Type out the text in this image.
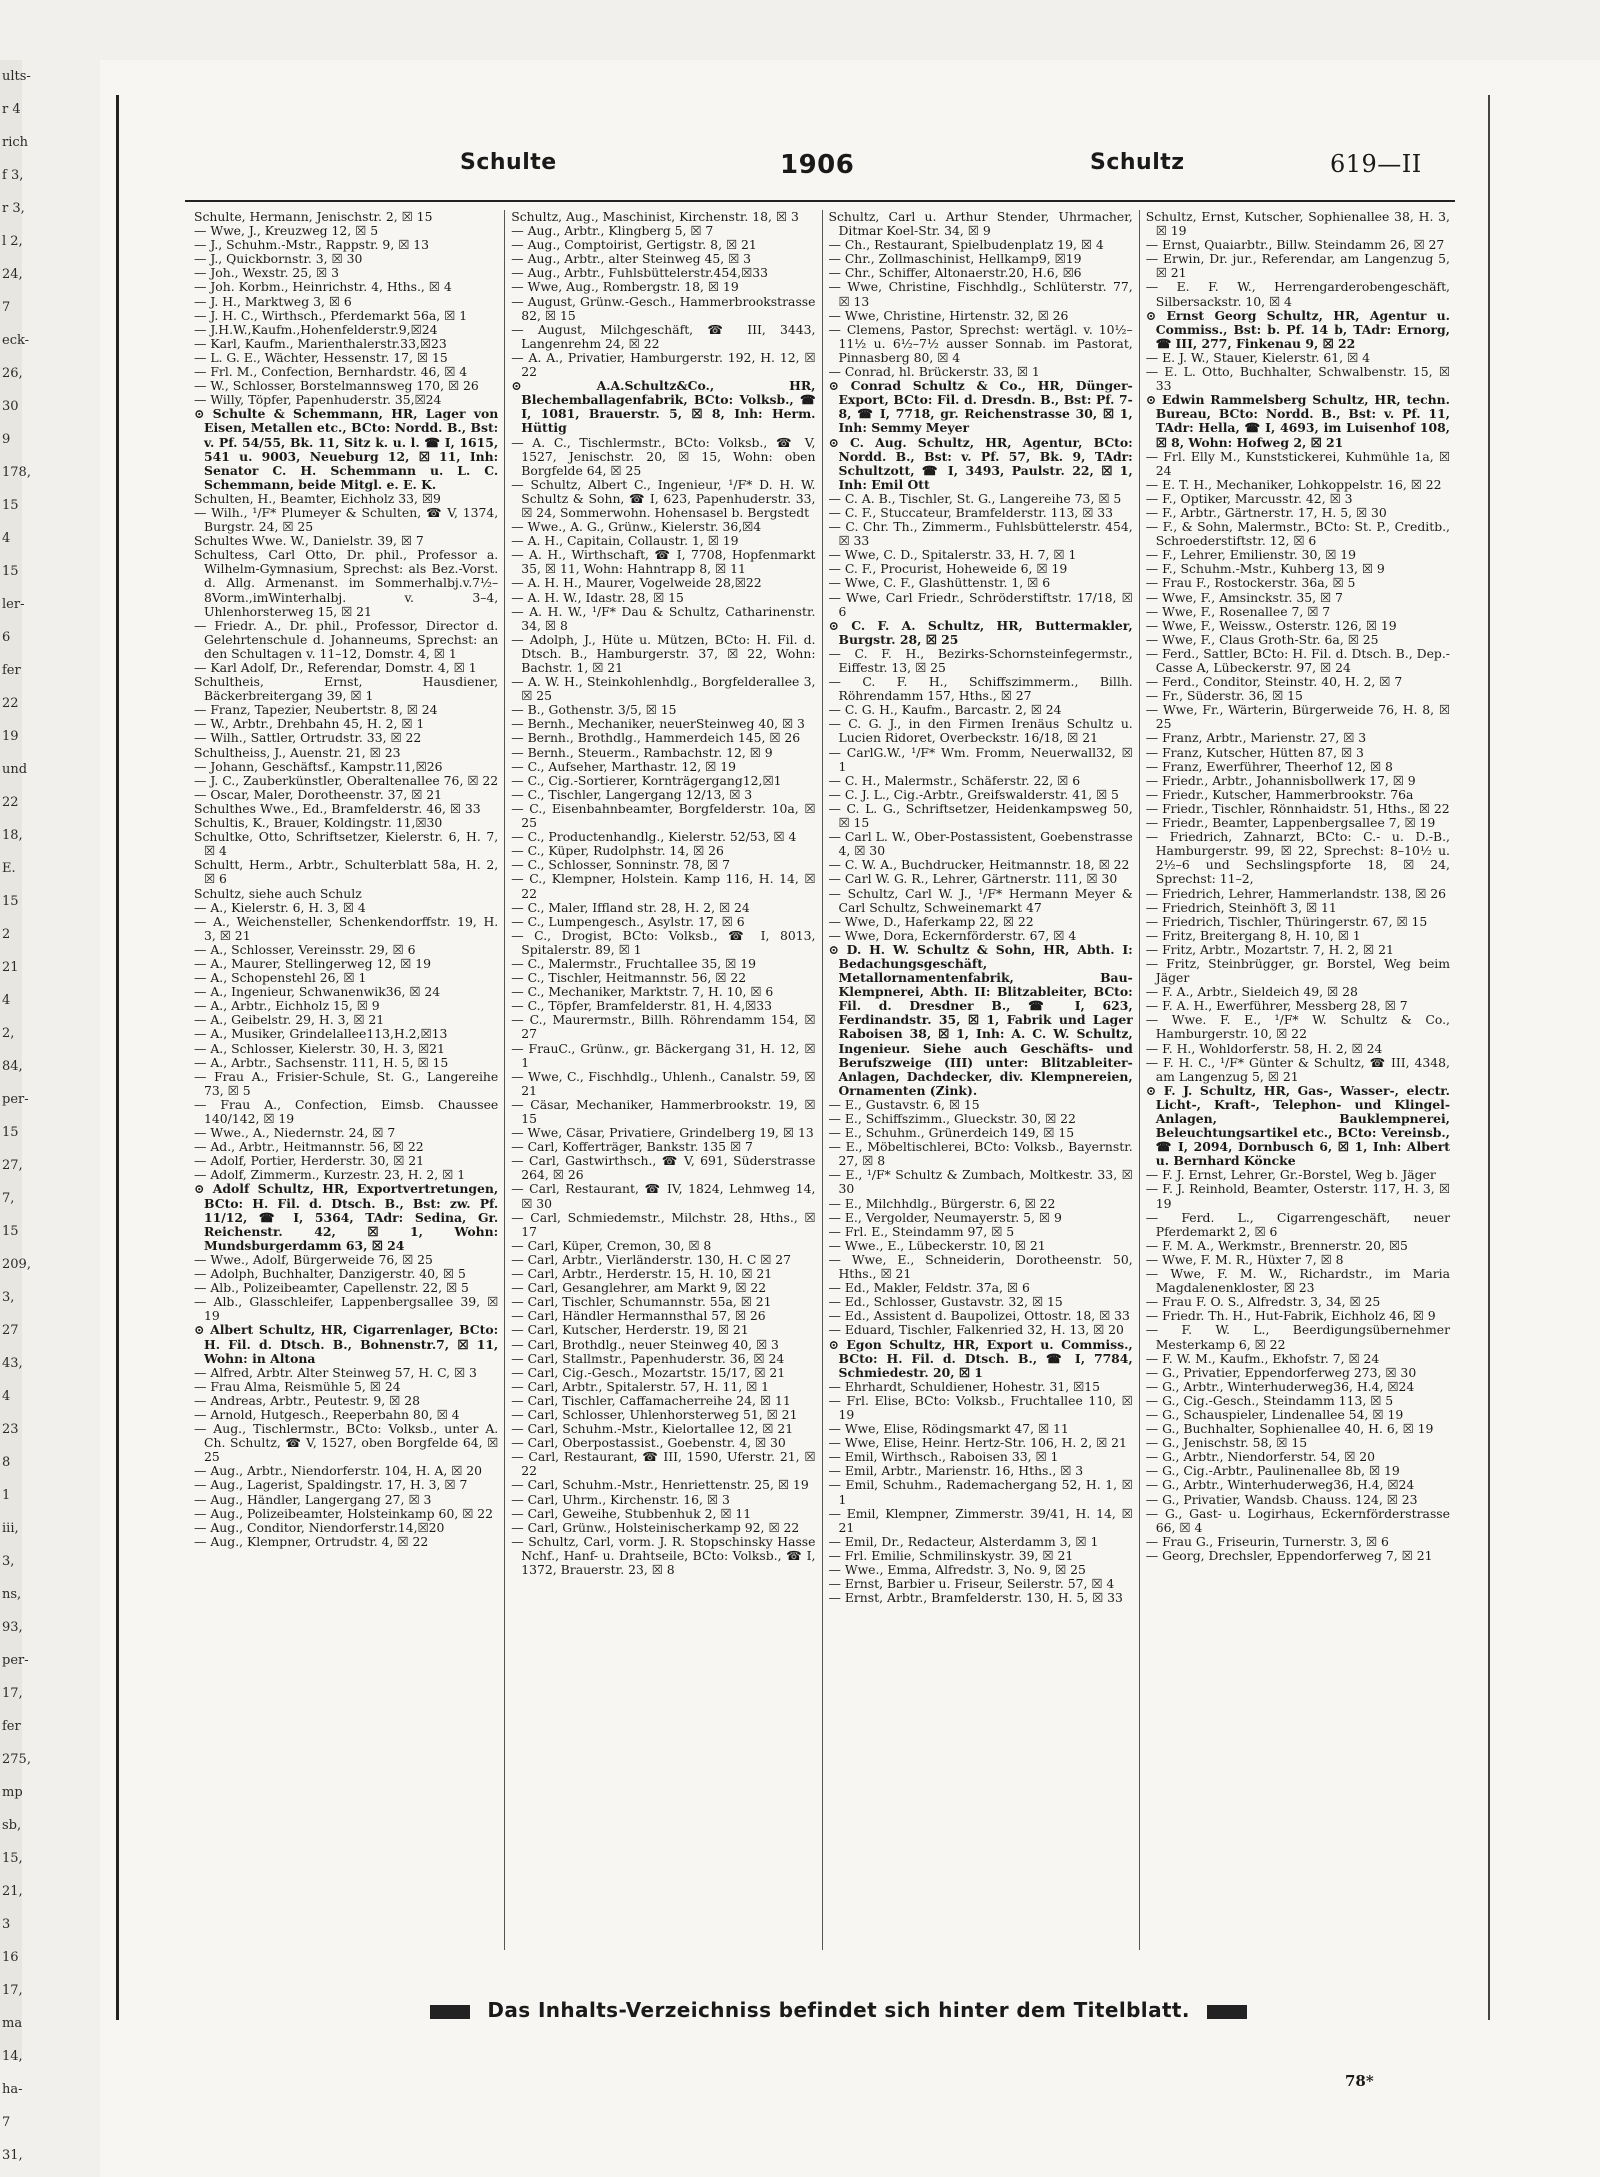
ults-
r 4
rich
f 3,
r 3,
l 2,
24,
7
eck-
26,
30
9
178,
15
4
15
ler-
6
fer
22
19
und
22
18,
E.
15
2
21
4
2,
84,
per-
15
27,
7,
15
209,
3,
27
43,
4
23
8
1
iii,
3,
ns,
93,
per-
17,
fer
275,
mp
sb,
15,
21,
3
16
17,
ma
14,
ha-
7
31,
Schulte	1906	Schultz	619—II

Schulte, Hermann, Jenischstr. 2, ☒ 15

— Wwe, J., Kreuzweg 12, ☒ 5

— J., Schuhm.-Mstr., Rappstr. 9, ☒ 13

— J., Quickbornstr. 3, ☒ 30

— Joh., Wexstr. 25, ☒ 3

— Joh. Korbm., Heinrichstr. 4, Hths., ☒ 4

— J. H., Marktweg 3, ☒ 6

— J. H. C., Wirthsch., Pferdemarkt 56a, ☒ 1

— J.H.W.,Kaufm.,Hohenfelderstr.9,☒24

— Karl, Kaufm., Marienthalerstr.33,☒23

— L. G. E., Wächter, Hessenstr. 17, ☒ 15

— Frl. M., Confection, Bernhardstr. 46, ☒ 4

— W., Schlosser, Borstelmannsweg 170, ☒ 26

— Willy, Töpfer, Papenhuderstr. 35,☒24

⊙ Schulte & Schemmann, HR, Lager von Eisen, Metallen etc., BCto: Nordd. B., Bst: v. Pf. 54/55, Bk. 11, Sitz k. u. l. ☎ I, 1615, 541 u. 9003, Neueburg 12, ☒ 11, Inh: Senator C. H. Schemmann u. L. C. Schemmann, beide Mitgl. e. E. K.

Schulten, H., Beamter, Eichholz 33, ☒9

— Wilh., ¹/F* Plumeyer & Schulten, ☎ V, 1374, Burgstr. 24, ☒ 25

Schultes Wwe. W., Danielstr. 39, ☒ 7

Schultess, Carl Otto, Dr. phil., Professor a. Wilhelm-Gymnasium, Sprechst: als Bez.-Vorst. d. Allg. Armenanst. im Sommerhalbj.v.7½–8Vorm.,imWinterhalbj. v. 3–4, Uhlenhorsterweg 15, ☒ 21

— Friedr. A., Dr. phil., Professor, Director d. Gelehrtenschule d. Johanneums, Sprechst: an den Schultagen v. 11–12, Domstr. 4, ☒ 1

— Karl Adolf, Dr., Referendar, Domstr. 4, ☒ 1

Schultheis, Ernst, Hausdiener, Bäckerbreitergang 39, ☒ 1

— Franz, Tapezier, Neubertstr. 8, ☒ 24

— W., Arbtr., Drehbahn 45, H. 2, ☒ 1

— Wilh., Sattler, Ortrudstr. 33, ☒ 22

Schultheiss, J., Auenstr. 21, ☒ 23

— Johann, Geschäftsf., Kampstr.11,☒26

— J. C., Zauberkünstler, Oberaltenallee 76, ☒ 22

— Oscar, Maler, Dorotheenstr. 37, ☒ 21

Schulthes Wwe., Ed., Bramfelderstr. 46, ☒ 33

Schultis, K., Brauer, Koldingstr. 11,☒30

Schultke, Otto, Schriftsetzer, Kielerstr. 6, H. 7, ☒ 4

Schultt, Herm., Arbtr., Schulterblatt 58a, H. 2, ☒ 6

Schultz, siehe auch Schulz

— A., Kielerstr. 6, H. 3, ☒ 4

— A., Weichensteller, Schenkendorffstr. 19, H. 3, ☒ 21

— A., Schlosser, Vereinsstr. 29, ☒ 6

— A., Maurer, Stellingerweg 12, ☒ 19

— A., Schopenstehl 26, ☒ 1

— A., Ingenieur, Schwanenwik36, ☒ 24

— A., Arbtr., Eichholz 15, ☒ 9

— A., Geibelstr. 29, H. 3, ☒ 21

— A., Musiker, Grindelallee113,H.2,☒13

— A., Schlosser, Kielerstr. 30, H. 3, ☒21

— A., Arbtr., Sachsenstr. 111, H. 5, ☒ 15

— Frau A., Frisier-Schule, St. G., Langereihe 73, ☒ 5

— Frau A., Confection, Eimsb. Chaussee 140/142, ☒ 19

— Wwe., A., Niedernstr. 24, ☒ 7

— Ad., Arbtr., Heitmannstr. 56, ☒ 22

— Adolf, Portier, Herderstr. 30, ☒ 21

— Adolf, Zimmerm., Kurzestr. 23, H. 2, ☒ 1

⊙ Adolf Schultz, HR, Exportvertretungen, BCto: H. Fil. d. Dtsch. B., Bst: zw. Pf. 11/12, ☎ I, 5364, TAdr: Sedina, Gr. Reichenstr. 42, ☒ 1, Wohn: Mundsburgerdamm 63, ☒ 24

— Wwe., Adolf, Bürgerweide 76, ☒ 25

— Adolph, Buchhalter, Danzigerstr. 40, ☒ 5

— Alb., Polizeibeamter, Capellenstr. 22, ☒ 5

— Alb., Glasschleifer, Lappenbergsallee 39, ☒ 19

⊙ Albert Schultz, HR, Cigarrenlager, BCto: H. Fil. d. Dtsch. B., Bohnenstr.7, ☒ 11, Wohn: in Altona

— Alfred, Arbtr. Alter Steinweg 57, H. C, ☒ 3

— Frau Alma, Reismühle 5, ☒ 24

— Andreas, Arbtr., Peutestr. 9, ☒ 28

— Arnold, Hutgesch., Reeperbahn 80, ☒ 4

— Aug., Tischlermstr., BCto: Volksb., unter A. Ch. Schultz, ☎ V, 1527, oben Borgfelde 64, ☒ 25

— Aug., Arbtr., Niendorferstr. 104, H. A, ☒ 20

— Aug., Lagerist, Spaldingstr. 17, H. 3, ☒ 7

— Aug., Händler, Langergang 27, ☒ 3

— Aug., Polizeibeamter, Holsteinkamp 60, ☒ 22

— Aug., Conditor, Niendorferstr.14,☒20

— Aug., Klempner, Ortrudstr. 4, ☒ 22

Schultz, Aug., Maschinist, Kirchenstr. 18, ☒ 3

— Aug., Arbtr., Klingberg 5, ☒ 7

— Aug., Comptoirist, Gertigstr. 8, ☒ 21

— Aug., Arbtr., alter Steinweg 45, ☒ 3

— Aug., Arbtr., Fuhlsbüttelerstr.454,☒33

— Wwe, Aug., Rombergstr. 18, ☒ 19

— August, Grünw.-Gesch., Hammerbrookstrasse 82, ☒ 15

— August, Milchgeschäft, ☎ III, 3443, Langenrehm 24, ☒ 22

— A. A., Privatier, Hamburgerstr. 192, H. 12, ☒ 22

⊙ A.A.Schultz&Co., HR, Blechemballagenfabrik, BCto: Volksb., ☎ I, 1081, Brauerstr. 5, ☒ 8, Inh: Herm. Hüttig

— A. C., Tischlermstr., BCto: Volksb., ☎ V, 1527, Jenischstr. 20, ☒ 15, Wohn: oben Borgfelde 64, ☒ 25

— Schultz, Albert C., Ingenieur, ¹/F* D. H. W. Schultz & Sohn, ☎ I, 623, Papenhuderstr. 33, ☒ 24, Sommerwohn. Hohensasel b. Bergstedt

— Wwe., A. G., Grünw., Kielerstr. 36,☒4

— A. H., Capitain, Collaustr. 1, ☒ 19

— A. H., Wirthschaft, ☎ I, 7708, Hopfenmarkt 35, ☒ 11, Wohn: Hahntrapp 8, ☒ 11

— A. H. H., Maurer, Vogelweide 28,☒22

— A. H. W., Idastr. 28, ☒ 15

— A. H. W., ¹/F* Dau & Schultz, Catharinenstr. 34, ☒ 8

— Adolph, J., Hüte u. Mützen, BCto: H. Fil. d. Dtsch. B., Hamburgerstr. 37, ☒ 22, Wohn: Bachstr. 1, ☒ 21

— A. W. H., Steinkohlenhdlg., Borgfelderallee 3, ☒ 25

— B., Gothenstr. 3/5, ☒ 15

— Bernh., Mechaniker, neuerSteinweg 40, ☒ 3

— Bernh., Brothdlg., Hammerdeich 145, ☒ 26

— Bernh., Steuerm., Rambachstr. 12, ☒ 9

— C., Aufseher, Marthastr. 12, ☒ 19

— C., Cig.-Sortierer, Kornträgergang12,☒1

— C., Tischler, Langergang 12/13, ☒ 3

— C., Eisenbahnbeamter, Borgfelderstr. 10a, ☒ 25

— C., Productenhandlg., Kielerstr. 52/53, ☒ 4

— C., Küper, Rudolphstr. 14, ☒ 26

— C., Schlosser, Sonninstr. 78, ☒ 7

— C., Klempner, Holstein. Kamp 116, H. 14, ☒ 22

— C., Maler, Iffland str. 28, H. 2, ☒ 24

— C., Lumpengesch., Asylstr. 17, ☒ 6

— C., Drogist, BCto: Volksb., ☎ I, 8013, Spitalerstr. 89, ☒ 1

— C., Malermstr., Fruchtallee 35, ☒ 19

— C., Tischler, Heitmannstr. 56, ☒ 22

— C., Mechaniker, Marktstr. 7, H. 10, ☒ 6

— C., Töpfer, Bramfelderstr. 81, H. 4,☒33

— C., Maurermstr., Billh. Röhrendamm 154, ☒ 27

— FrauC., Grünw., gr. Bäckergang 31, H. 12, ☒ 1

— Wwe, C., Fischhdlg., Uhlenh., Canalstr. 59, ☒ 21

— Cäsar, Mechaniker, Hammerbrookstr. 19, ☒ 15

— Wwe, Cäsar, Privatiere, Grindelberg 19, ☒ 13

— Carl, Kofferträger, Bankstr. 135 ☒ 7

— Carl, Gastwirthsch., ☎ V, 691, Süderstrasse 264, ☒ 26

— Carl, Restaurant, ☎ IV, 1824, Lehmweg 14, ☒ 30

— Carl, Schmiedemstr., Milchstr. 28, Hths., ☒ 17

— Carl, Küper, Cremon, 30, ☒ 8

— Carl, Arbtr., Vierländerstr. 130, H. C ☒ 27

— Carl, Arbtr., Herderstr. 15, H. 10, ☒ 21

— Carl, Gesanglehrer, am Markt 9, ☒ 22

— Carl, Tischler, Schumannstr. 55a, ☒ 21

— Carl, Händler Hermannsthal 57, ☒ 26

— Carl, Kutscher, Herderstr. 19, ☒ 21

— Carl, Brothdlg., neuer Steinweg 40, ☒ 3

— Carl, Stallmstr., Papenhuderstr. 36, ☒ 24

— Carl, Cig.-Gesch., Mozartstr. 15/17, ☒ 21

— Carl, Arbtr., Spitalerstr. 57, H. 11, ☒ 1

— Carl, Tischler, Caffamacherreihe 24, ☒ 11

— Carl, Schlosser, Uhlenhorsterweg 51, ☒ 21

— Carl, Schuhm.-Mstr., Kielortallee 12, ☒ 21

— Carl, Oberpostassist., Goebenstr. 4, ☒ 30

— Carl, Restaurant, ☎ III, 1590, Uferstr. 21, ☒ 22

— Carl, Schuhm.-Mstr., Henriettenstr. 25, ☒ 19

— Carl, Uhrm., Kirchenstr. 16, ☒ 3

— Carl, Geweihe, Stubbenhuk 2, ☒ 11

— Carl, Grünw., Holsteinischerkamp 92, ☒ 22

— Schultz, Carl, vorm. J. R. Stopschinsky Hasse Nchf., Hanf- u. Drahtseile, BCto: Volksb., ☎ I, 1372, Brauerstr. 23, ☒ 8

Schultz, Carl u. Arthur Stender, Uhrmacher, Ditmar Koel-Str. 34, ☒ 9

— Ch., Restaurant, Spielbudenplatz 19, ☒ 4

— Chr., Zollmaschinist, Hellkamp9, ☒19

— Chr., Schiffer, Altonaerstr.20, H.6, ☒6

— Wwe, Christine, Fischhdlg., Schlüterstr. 77, ☒ 13

— Wwe, Christine, Hirtenstr. 32, ☒ 26

— Clemens, Pastor, Sprechst: wertägl. v. 10½–11½ u. 6½–7½ ausser Sonnab. im Pastorat, Pinnasberg 80, ☒ 4

— Conrad, hl. Brückerstr. 33, ☒ 1

⊙ Conrad Schultz & Co., HR, Dünger-Export, BCto: Fil. d. Dresdn. B., Bst: Pf. 7-8, ☎ I, 7718, gr. Reichenstrasse 30, ☒ 1, Inh: Semmy Meyer

⊙ C. Aug. Schultz, HR, Agentur, BCto: Nordd. B., Bst: v. Pf. 57, Bk. 9, TAdr: Schultzott, ☎ I, 3493, Paulstr. 22, ☒ 1, Inh: Emil Ott

— C. A. B., Tischler, St. G., Langereihe 73, ☒ 5

— C. F., Stuccateur, Bramfelderstr. 113, ☒ 33

— C. Chr. Th., Zimmerm., Fuhlsbüttelerstr. 454, ☒ 33

— Wwe, C. D., Spitalerstr. 33, H. 7, ☒ 1

— C. F., Procurist, Hoheweide 6, ☒ 19

— Wwe, C. F., Glashüttenstr. 1, ☒ 6

— Wwe, Carl Friedr., Schröderstiftstr. 17/18, ☒ 6

⊙ C. F. A. Schultz, HR, Buttermakler, Burgstr. 28, ☒ 25

— C. F. H., Bezirks-Schornsteinfegermstr., Eiffestr. 13, ☒ 25

— C. F. H., Schiffszimmerm., Billh. Röhrendamm 157, Hths., ☒ 27

— C. G. H., Kaufm., Barcastr. 2, ☒ 24

— C. G. J., in den Firmen Irenäus Schultz u. Lucien Ridoret, Overbeckstr. 16/18, ☒ 21

— CarlG.W., ¹/F* Wm. Fromm, Neuerwall32, ☒ 1

— C. H., Malermstr., Schäferstr. 22, ☒ 6

— C. J. L., Cig.-Arbtr., Greifswalderstr. 41, ☒ 5

— C. L. G., Schriftsetzer, Heidenkampsweg 50, ☒ 15

— Carl L. W., Ober-Postassistent, Goebenstrasse 4, ☒ 30

— C. W. A., Buchdrucker, Heitmannstr. 18, ☒ 22

— Carl W. G. R., Lehrer, Gärtnerstr. 111, ☒ 30

— Schultz, Carl W. J., ¹/F* Hermann Meyer & Carl Schultz, Schweinemarkt 47

— Wwe, D., Haferkamp 22, ☒ 22

— Wwe, Dora, Eckernförderstr. 67, ☒ 4

⊙ D. H. W. Schultz & Sohn, HR, Abth. I: Bedachungsgeschäft, Metallornamentenfabrik, Bau-Klempnerei, Abth. II: Blitzableiter, BCto: Fil. d. Dresdner B., ☎ I, 623, Ferdinandstr. 35, ☒ 1, Fabrik und Lager Raboisen 38, ☒ 1, Inh: A. C. W. Schultz, Ingenieur. Siehe auch Geschäfts- und Berufszweige (III) unter: Blitzableiter-Anlagen, Dachdecker, div. Klempnereien, Ornamenten (Zink).

— E., Gustavstr. 6, ☒ 15

— E., Schiffszimm., Glueckstr. 30, ☒ 22

— E., Schuhm., Grünerdeich 149, ☒ 15

— E., Möbeltischlerei, BCto: Volksb., Bayernstr. 27, ☒ 8

— E., ¹/F* Schultz & Zumbach, Moltkestr. 33, ☒ 30

— E., Milchhdlg., Bürgerstr. 6, ☒ 22

— E., Vergolder, Neumayerstr. 5, ☒ 9

— Frl. E., Steindamm 97, ☒ 5

— Wwe., E., Lübeckerstr. 10, ☒ 21

— Wwe, E., Schneiderin, Dorotheenstr. 50, Hths., ☒ 21

— Ed., Makler, Feldstr. 37a, ☒ 6

— Ed., Schlosser, Gustavstr. 32, ☒ 15

— Ed., Assistent d. Baupolizei, Ottostr. 18, ☒ 33

— Eduard, Tischler, Falkenried 32, H. 13, ☒ 20

⊙ Egon Schultz, HR, Export u. Commiss., BCto: H. Fil. d. Dtsch. B., ☎ I, 7784, Schmiedestr. 20, ☒ 1

— Ehrhardt, Schuldiener, Hohestr. 31, ☒15

— Frl. Elise, BCto: Volksb., Fruchtallee 110, ☒ 19

— Wwe, Elise, Rödingsmarkt 47, ☒ 11

— Wwe, Elise, Heinr. Hertz-Str. 106, H. 2, ☒ 21

— Emil, Wirthsch., Raboisen 33, ☒ 1

— Emil, Arbtr., Marienstr. 16, Hths., ☒ 3

— Emil, Schuhm., Rademachergang 52, H. 1, ☒ 1

— Emil, Klempner, Zimmerstr. 39/41, H. 14, ☒ 21

— Emil, Dr., Redacteur, Alsterdamm 3, ☒ 1

— Frl. Emilie, Schmilinskystr. 39, ☒ 21

— Wwe., Emma, Alfredstr. 3, No. 9, ☒ 25

— Ernst, Barbier u. Friseur, Seilerstr. 57, ☒ 4

— Ernst, Arbtr., Bramfelderstr. 130, H. 5, ☒ 33

Schultz, Ernst, Kutscher, Sophienallee 38, H. 3, ☒ 19

— Ernst, Quaiarbtr., Billw. Steindamm 26, ☒ 27

— Erwin, Dr. jur., Referendar, am Langenzug 5, ☒ 21

— E. F. W., Herrengarderobengeschäft, Silbersackstr. 10, ☒ 4

⊙ Ernst Georg Schultz, HR, Agentur u. Commiss., Bst: b. Pf. 14 b, TAdr: Ernorg, ☎ III, 277, Finkenau 9, ☒ 22

— E. J. W., Stauer, Kielerstr. 61, ☒ 4

— E. L. Otto, Buchhalter, Schwalbenstr. 15, ☒ 33

⊙ Edwin Rammelsberg Schultz, HR, techn. Bureau, BCto: Nordd. B., Bst: v. Pf. 11, TAdr: Hella, ☎ I, 4693, im Luisenhof 108, ☒ 8, Wohn: Hofweg 2, ☒ 21

— Frl. Elly M., Kunststickerei, Kuhmühle 1a, ☒ 24

— E. T. H., Mechaniker, Lohkoppelstr. 16, ☒ 22

— F., Optiker, Marcusstr. 42, ☒ 3

— F., Arbtr., Gärtnerstr. 17, H. 5, ☒ 30

— F., & Sohn, Malermstr., BCto: St. P., Creditb., Schroederstiftstr. 12, ☒ 6

— F., Lehrer, Emilienstr. 30, ☒ 19

— F., Schuhm.-Mstr., Kuhberg 13, ☒ 9

— Frau F., Rostockerstr. 36a, ☒ 5

— Wwe, F., Amsinckstr. 35, ☒ 7

— Wwe, F., Rosenallee 7, ☒ 7

— Wwe, F., Weissw., Osterstr. 126, ☒ 19

— Wwe, F., Claus Groth-Str. 6a, ☒ 25

— Ferd., Sattler, BCto: H. Fil. d. Dtsch. B., Dep.-Casse A, Lübeckerstr. 97, ☒ 24

— Ferd., Conditor, Steinstr. 40, H. 2, ☒ 7

— Fr., Süderstr. 36, ☒ 15

— Wwe, Fr., Wärterin, Bürgerweide 76, H. 8, ☒ 25

— Franz, Arbtr., Marienstr. 27, ☒ 3

— Franz, Kutscher, Hütten 87, ☒ 3

— Franz, Ewerführer, Theerhof 12, ☒ 8

— Friedr., Arbtr., Johannisbollwerk 17, ☒ 9

— Friedr., Kutscher, Hammerbrookstr. 76a

— Friedr., Tischler, Rönnhaidstr. 51, Hths., ☒ 22

— Friedr., Beamter, Lappenbergsallee 7, ☒ 19

— Friedrich, Zahnarzt, BCto: C.- u. D.-B., Hamburgerstr. 99, ☒ 22, Sprechst: 8–10½ u. 2½–6 und Sechslingspforte 18, ☒ 24, Sprechst: 11–2,

— Friedrich, Lehrer, Hammerlandstr. 138, ☒ 26

— Friedrich, Steinhöft 3, ☒ 11

— Friedrich, Tischler, Thüringerstr. 67, ☒ 15

— Fritz, Breitergang 8, H. 10, ☒ 1

— Fritz, Arbtr., Mozartstr. 7, H. 2, ☒ 21

— Fritz, Steinbrügger, gr. Borstel, Weg beim Jäger

— F. A., Arbtr., Sieldeich 49, ☒ 28

— F. A. H., Ewerführer, Messberg 28, ☒ 7

— Wwe. F. E., ¹/F* W. Schultz & Co., Hamburgerstr. 10, ☒ 22

— F. H., Wohldorferstr. 58, H. 2, ☒ 24

— F. H. C., ¹/F* Günter & Schultz, ☎ III, 4348, am Langenzug 5, ☒ 21

⊙ F. J. Schultz, HR, Gas-, Wasser-, electr. Licht-, Kraft-, Telephon- und Klingel-Anlagen, Bauklempnerei, Beleuchtungsartikel etc., BCto: Vereinsb., ☎ I, 2094, Dornbusch 6, ☒ 1, Inh: Albert u. Bernhard Köncke

— F. J. Ernst, Lehrer, Gr.-Borstel, Weg b. Jäger

— F. J. Reinhold, Beamter, Osterstr. 117, H. 3, ☒ 19

— Ferd. L., Cigarrengeschäft, neuer Pferdemarkt 2, ☒ 6

— F. M. A., Werkmstr., Brennerstr. 20, ☒5

— Wwe, F. M. R., Hüxter 7, ☒ 8

— Wwe, F. M. W., Richardstr., im Maria Magdalenenkloster, ☒ 23

— Frau F. O. S., Alfredstr. 3, 34, ☒ 25

— Friedr. Th. H., Hut-Fabrik, Eichholz 46, ☒ 9

— F. W. L., Beerdigungsübernehmer Mesterkamp 6, ☒ 22

— F. W. M., Kaufm., Ekhofstr. 7, ☒ 24

— G., Privatier, Eppendorferweg 273, ☒ 30

— G., Arbtr., Winterhuderweg36, H.4, ☒24

— G., Cig.-Gesch., Steindamm 113, ☒ 5

— G., Schauspieler, Lindenallee 54, ☒ 19

— G., Buchhalter, Sophienallee 40, H. 6, ☒ 19

— G., Jenischstr. 58, ☒ 15

— G., Arbtr., Niendorferstr. 54, ☒ 20

— G., Cig.-Arbtr., Paulinenallee 8b, ☒ 19

— G., Arbtr., Winterhuderweg36, H.4, ☒24

— G., Privatier, Wandsb. Chauss. 124, ☒ 23

— G., Gast- u. Logirhaus, Eckernförderstrasse 66, ☒ 4

— Frau G., Friseurin, Turnerstr. 3, ☒ 6

— Georg, Drechsler, Eppendorferweg 7, ☒ 21

Das Inhalts-Verzeichniss befindet sich hinter dem Titelblatt.
78*
